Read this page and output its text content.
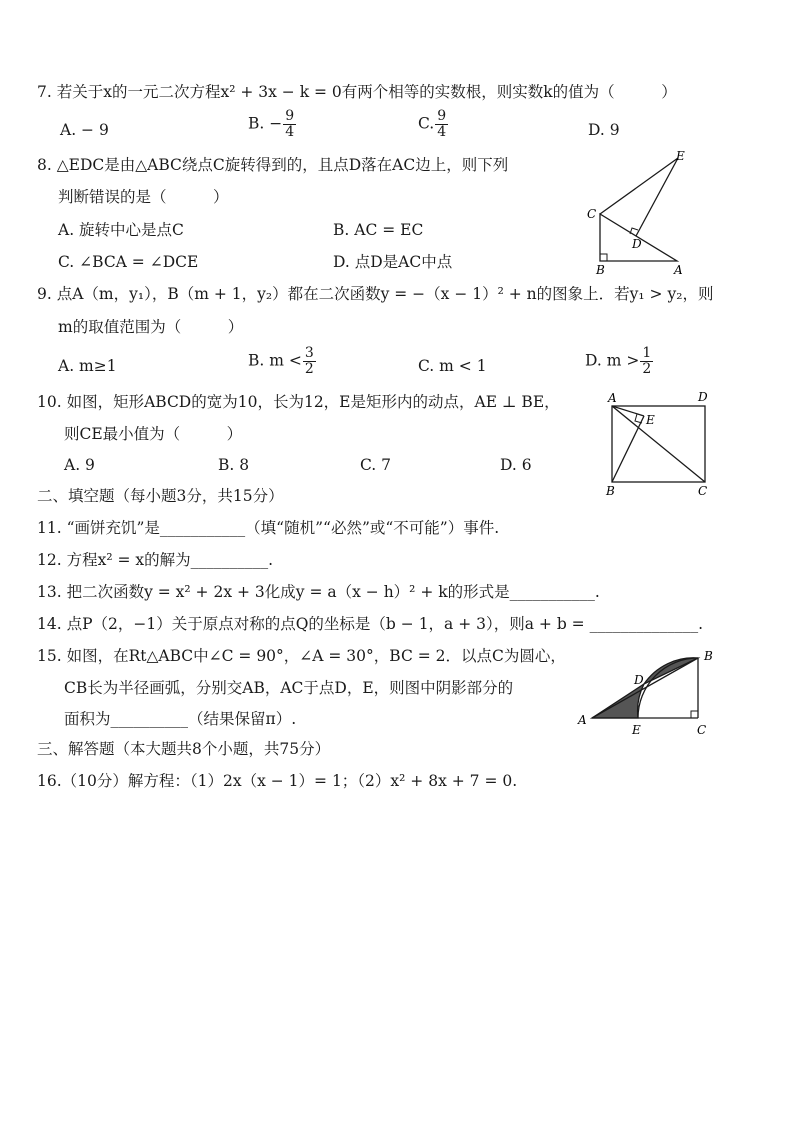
7. 若关于x的一元二次方程x² + 3x − k = 0有两个相等的实数根，则实数k的值为（　　　）
A. − 9	B. − $\frac{9}{4}$	C. $\frac{9}{4}$	D. 9
8. △EDC是由△ABC绕点C旋转得到的，且点D落在AC边上，则下列
判断错误的是（　　　）
A. 旋转中心是点C	B. AC = EC
C. ∠BCA = ∠DCE	D. 点D是AC中点
E
C
D
B	A
9. 点A（m，y₁），B（m + 1，y₂）都在二次函数y = −（x − 1）² + n的图象上．若y₁ > y₂，则
m的取值范围为（　　　）
A. m≥1	B. $m < \frac{3}{2}$	C. m < 1	D. $m > \frac{1}{2}$
10. 如图，矩形ABCD的宽为10，长为12，E是矩形内的动点，AE ⊥ BE，
则CE最小值为（　　　）
A. 9	B. 8	C. 7	D. 6
A	D
E
B	C
二、填空题（每小题3分，共15分）
11. “画饼充饥”是___________（填“随机”“必然”或“不可能”）事件.
12. 方程x² = x的解为__________.
13. 把二次函数y = x² + 2x + 3化成y = a（x − h）² + k的形式是___________.
14. 点P（2，−1）关于原点对称的点Q的坐标是（b − 1，a + 3），则a + b = ______________.
15. 如图，在Rt△ABC中∠C = 90°，∠A = 30°，BC = 2．以点C为圆心，
CB长为半径画弧，分别交AB，AC于点D，E，则图中阴影部分的
面积为__________（结果保留π）.
B
D
A
E	C
三、解答题（本大题共8个小题，共75分）
16.（10分）解方程：（1）2x（x − 1）= 1；（2）x² + 8x + 7 = 0.
